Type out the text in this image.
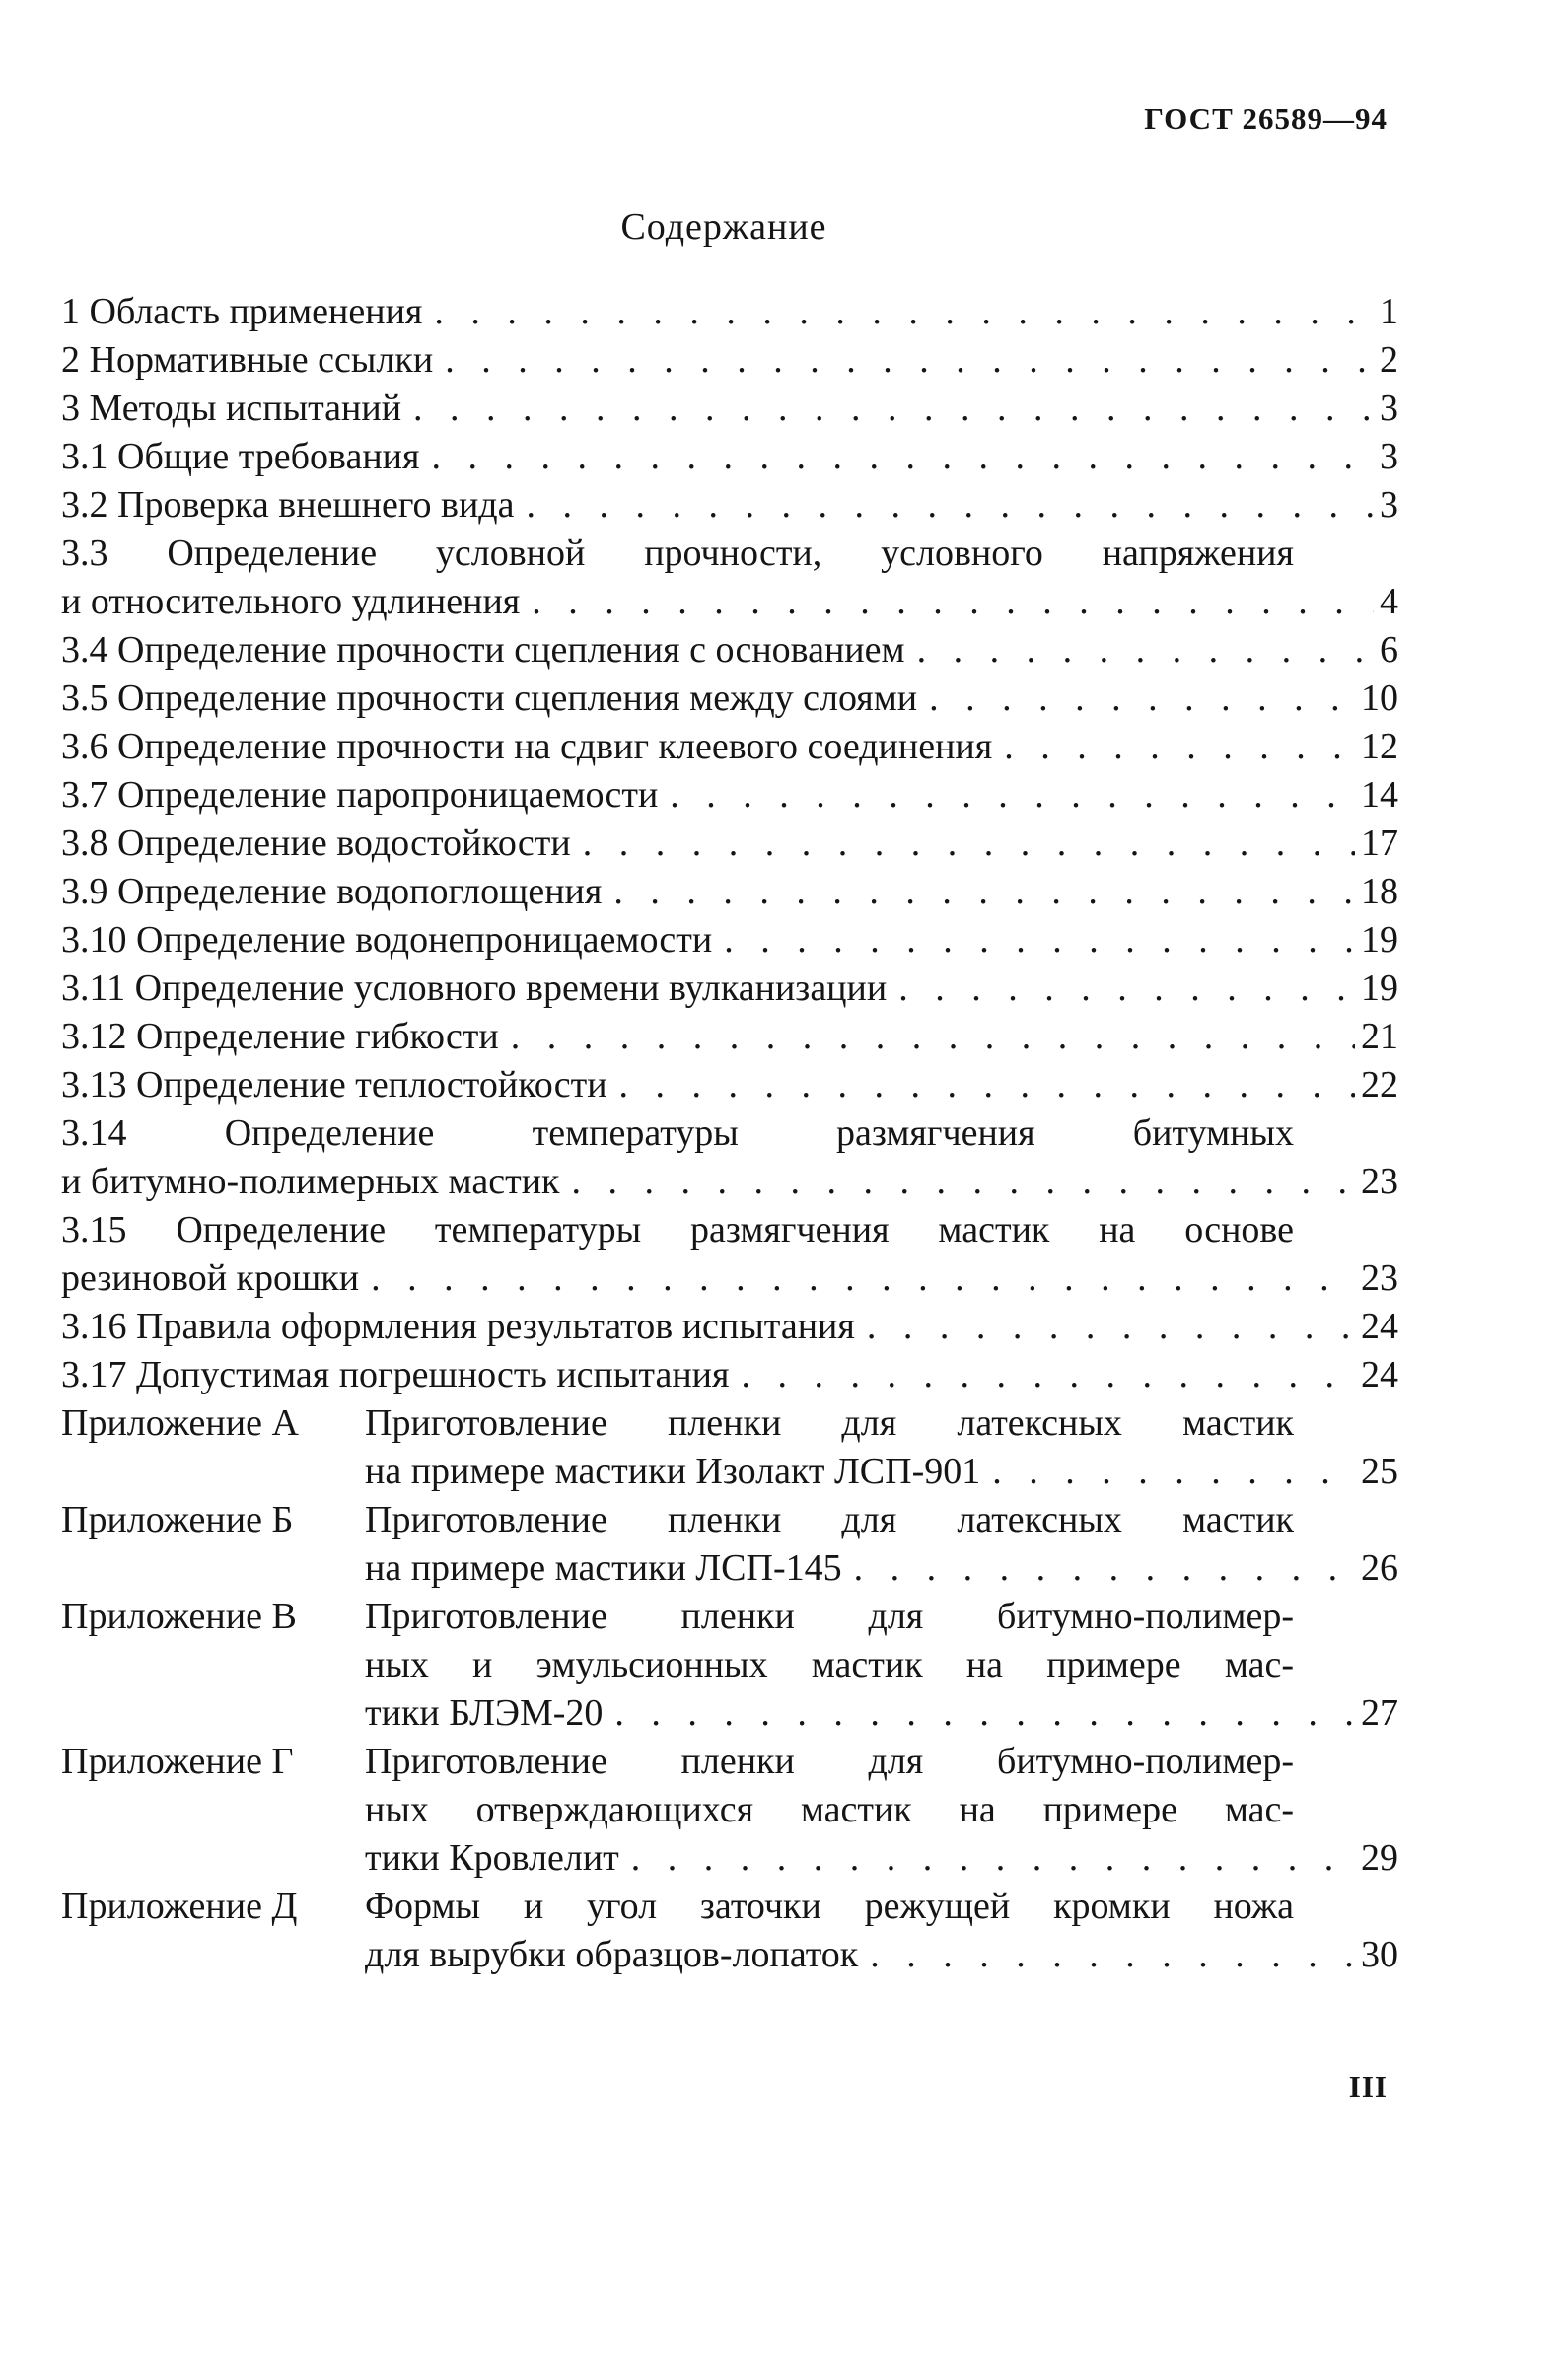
ГОСТ 26589—94
Содержание
1 Область применения . . .	1
2 Нормативные ссылки . . .	2
3 Методы испытаний . . .	3
3.1 Общие требования . . .	3
3.2 Проверка внешнего вида . . .	3
3.3 Определение условной прочности, условного напряжения
и относительного удлинения . . .	4
3.4 Определение прочности сцепления с основанием . . .	6
3.5 Определение прочности сцепления между слоями . . .	10
3.6 Определение прочности на сдвиг клеевого соединения . . .	12
3.7 Определение паропроницаемости . . .	14
3.8 Определение водостойкости . . .	17
3.9 Определение водопоглощения . . .	18
3.10 Определение водонепроницаемости . . .	19
3.11 Определение условного времени вулканизации . . .	19
3.12 Определение гибкости . . .	21
3.13 Определение теплостойкости . . .	22
3.14 Определение температуры размягчения битумных
и битумно-полимерных мастик . . .	23
3.15 Определение температуры размягчения мастик на основе
резиновой крошки . . .	23
3.16 Правила оформления результатов испытания . . .	24
3.17 Допустимая погрешность испытания . . .	24
Приложение А Приготовление пленки для латексных мастик
на примере мастики Изолакт ЛСП-901 . . .	25
Приложение Б Приготовление пленки для латексных мастик
на примере мастики ЛСП-145 . . .	26
Приложение В Приготовление пленки для битумно-полимер-
ных и эмульсионных мастик на примере мас-
тики БЛЭМ-20 . . .	27
Приложение Г Приготовление пленки для битумно-полимер-
ных отверждающихся мастик на примере мас-
тики Кровлелит . . .	29
Приложение Д Формы и угол заточки режущей кромки ножа
для вырубки образцов-лопаток . . .	30
III
